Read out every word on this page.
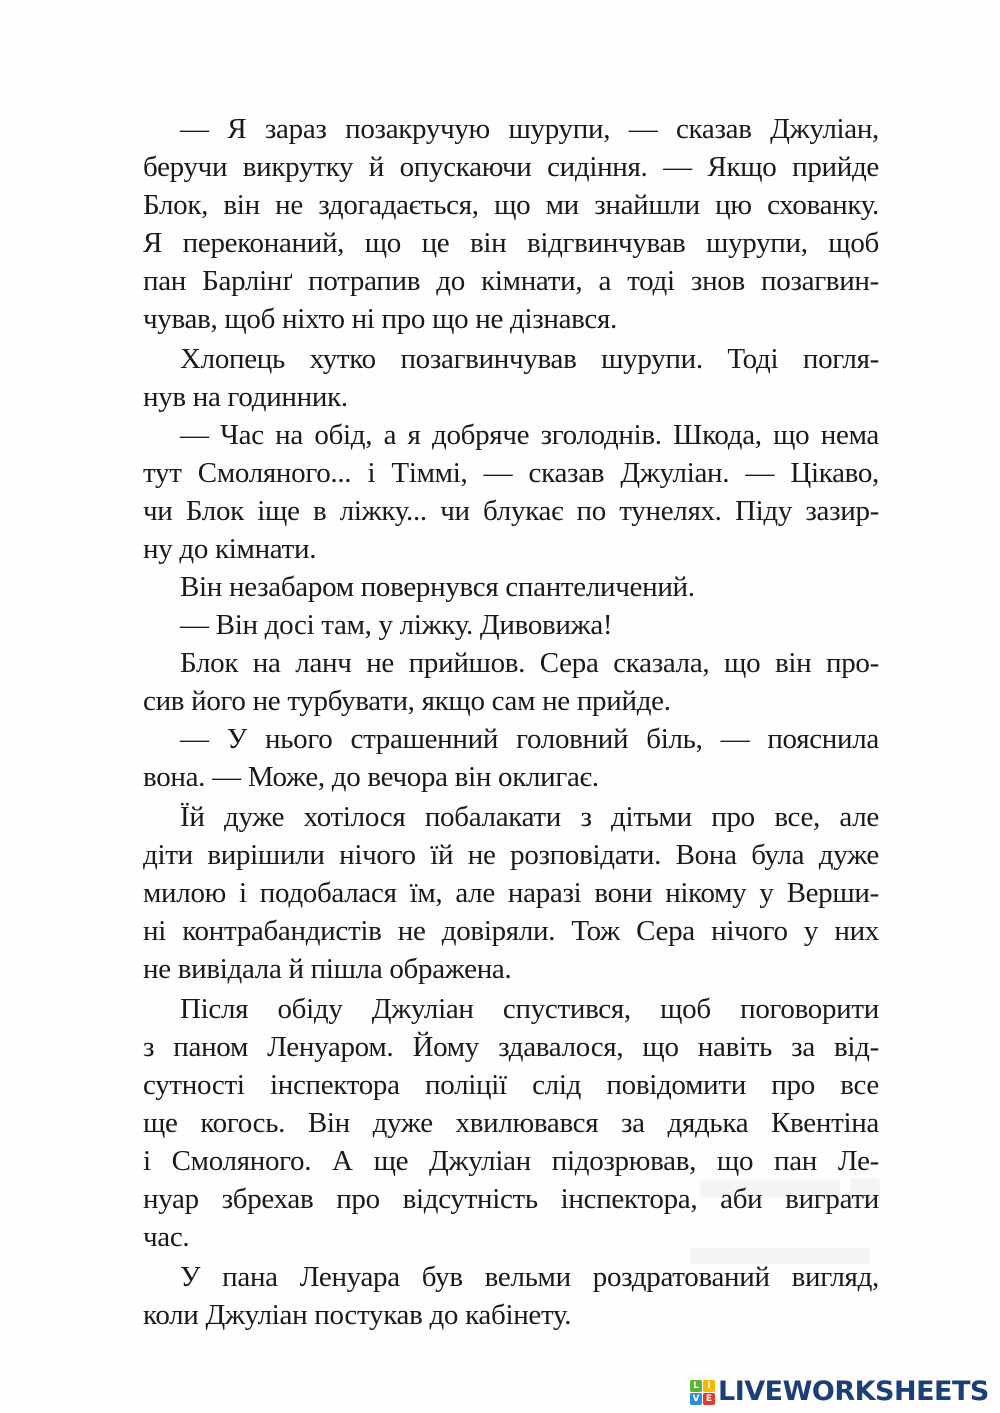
— Я зараз позакручую шурупи, — сказав Джуліан,
беручи викрутку й опускаючи сидіння. — Якщо прийде
Блок, він не здогадається, що ми знайшли цю схованку.
Я переконаний, що це він відгвинчував шурупи, щоб
пан Барлінґ потрапив до кімнати, а тоді знов позагвин-
чував, щоб ніхто ні про що не дізнався.
Хлопець хутко позагвинчував шурупи. Тоді погля-
нув на годинник.
— Час на обід, а я добряче зголоднів. Шкода, що нема
тут Смоляного... і Тіммі, — сказав Джуліан. — Цікаво,
чи Блок іще в ліжку... чи блукає по тунелях. Піду зазир-
ну до кімнати.
Він незабаром повернувся спантеличений.
— Він досі там, у ліжку. Дивовижа!
Блок на ланч не прийшов. Сера сказала, що він про-
сив його не турбувати, якщо сам не прийде.
— У нього страшенний головний біль, — пояснила
вона. — Може, до вечора він оклигає.
Їй дуже хотілося побалакати з дітьми про все, але
діти вирішили нічого їй не розповідати. Вона була дуже
милою і подобалася їм, але наразі вони нікому у Верши-
ні контрабандистів не довіряли. Тож Сера нічого у них
не вивідала й пішла ображена.
Після обіду Джуліан спустився, щоб поговорити
з паном Ленуаром. Йому здавалося, що навіть за від-
сутності інспектора поліції слід повідомити про все
ще когось. Він дуже хвилювався за дядька Квентіна
і Смоляного. А ще Джуліан підозрював, що пан Ле-
нуар збрехав про відсутність інспектора, аби виграти
час.
У пана Ленуара був вельми роздратований вигляд,
коли Джуліан постукав до кабінету.
L I
V E LIVEWORKSHEETS
